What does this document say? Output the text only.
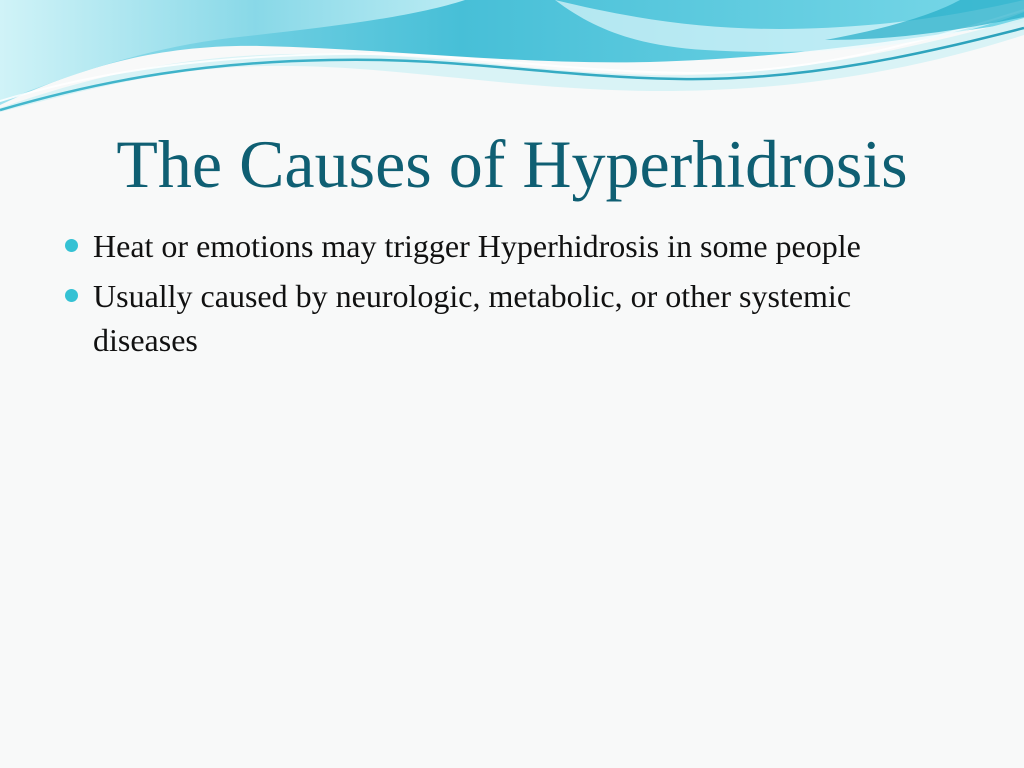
The Causes of Hyperhidrosis
Heat or emotions may trigger Hyperhidrosis in some people
Usually caused by neurologic, metabolic, or other systemic diseases
